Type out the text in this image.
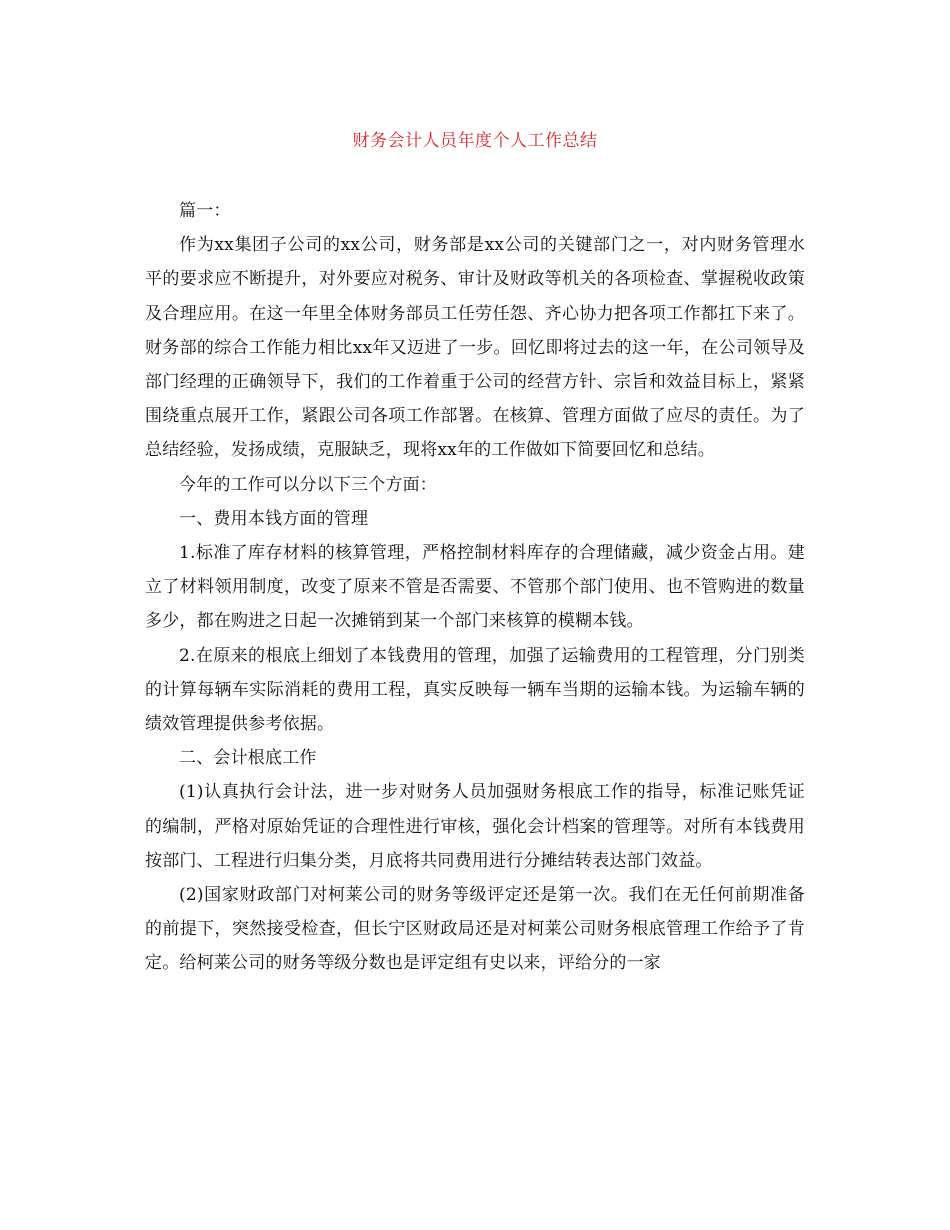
财务会计人员年度个人工作总结

篇一：

作为xx集团子公司的xx公司，财务部是xx公司的关键部门之一，对内财务管理水平的要求应不断提升，对外要应对税务、审计及财政等机关的各项检查、掌握税收政策及合理应用。在这一年里全体财务部员工任劳任怨、齐心协力把各项工作都扛下来了。财务部的综合工作能力相比xx年又迈进了一步。回忆即将过去的这一年，在公司领导及部门经理的正确领导下，我们的工作着重于公司的经营方针、宗旨和效益目标上，紧紧围绕重点展开工作，紧跟公司各项工作部署。在核算、管理方面做了应尽的责任。为了总结经验，发扬成绩，克服缺乏，现将xx年的工作做如下简要回忆和总结。

今年的工作可以分以下三个方面：

一、费用本钱方面的管理

1.标准了库存材料的核算管理，严格控制材料库存的合理储藏，减少资金占用。建立了材料领用制度，改变了原来不管是否需要、不管那个部门使用、也不管购进的数量多少，都在购进之日起一次摊销到某一个部门来核算的模糊本钱。

2.在原来的根底上细划了本钱费用的管理，加强了运输费用的工程管理，分门别类的计算每辆车实际消耗的费用工程，真实反映每一辆车当期的运输本钱。为运输车辆的绩效管理提供参考依据。

二、会计根底工作

(1)认真执行会计法，进一步对财务人员加强财务根底工作的指导，标准记账凭证的编制，严格对原始凭证的合理性进行审核，强化会计档案的管理等。对所有本钱费用按部门、工程进行归集分类，月底将共同费用进行分摊结转表达部门效益。

(2)国家财政部门对柯莱公司的财务等级评定还是第一次。我们在无任何前期准备的前提下，突然接受检查，但长宁区财政局还是对柯莱公司财务根底管理工作给予了肯定。给柯莱公司的财务等级分数也是评定组有史以来，评给分的一家
